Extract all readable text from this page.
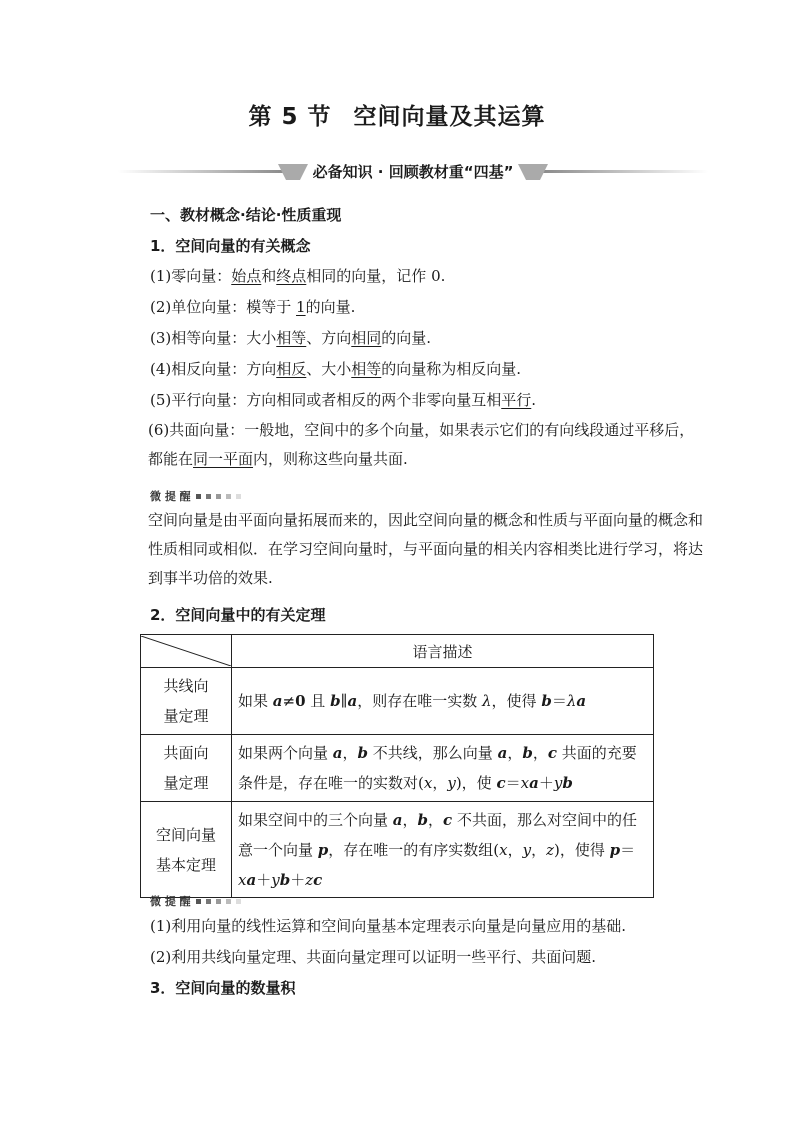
第 5 节 空间向量及其运算
必备知识 · 回顾教材重“四基”
一、教材概念·结论·性质重现
1．空间向量的有关概念
(1)零向量：始点和终点相同的向量，记作 0.
(2)单位向量：模等于 1的向量.
(3)相等向量：大小相等、方向相同的向量.
(4)相反向量：方向相反、大小相等的向量称为相反向量.
(5)平行向量：方向相同或者相反的两个非零向量互相平行.
(6)共面向量：一般地，空间中的多个向量，如果表示它们的有向线段通过平移后，都能在同一平面内，则称这些向量共面.
微 提 醒
空间向量是由平面向量拓展而来的，因此空间向量的概念和性质与平面向量的概念和性质相同或相似．在学习空间向量时，与平面向量的相关内容相类比进行学习，将达到事半功倍的效果.
2．空间向量中的有关定理
	语言描述
共线向
量定理	如果 a≠0 且 b∥a，则存在唯一实数 λ，使得 b＝λa
共面向
量定理	如果两个向量 a，b 不共线，那么向量 a，b，c 共面的充要条件是，存在唯一的实数对(x，y)，使 c＝xa＋yb
空间向量
基本定理	如果空间中的三个向量 a，b，c 不共面，那么对空间中的任意一个向量 p，存在唯一的有序实数组(x，y，z)，使得 p＝xa＋yb＋zc
微 提 醒
(1)利用向量的线性运算和空间向量基本定理表示向量是向量应用的基础.
(2)利用共线向量定理、共面向量定理可以证明一些平行、共面问题.
3．空间向量的数量积
